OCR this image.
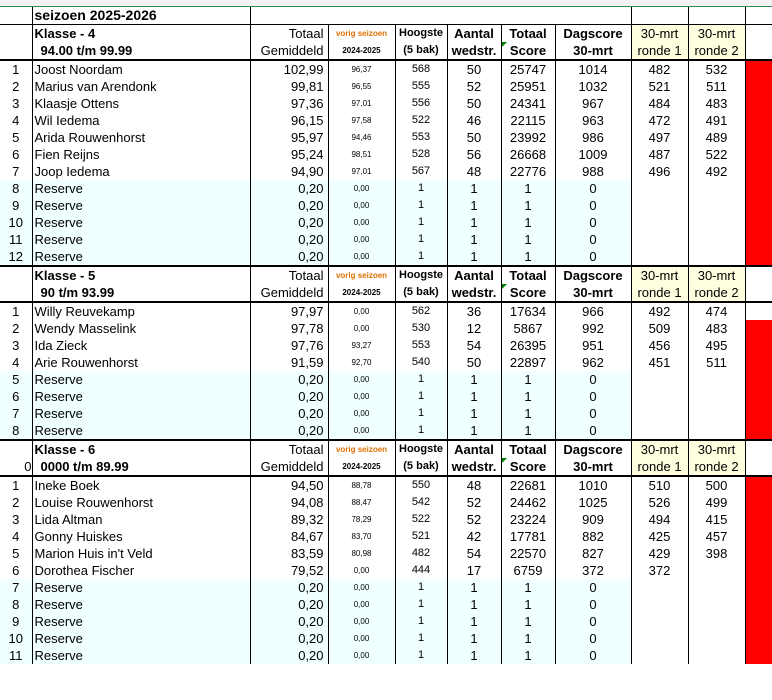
	seizoen 2025-2026									
	Klasse - 4	Totaal	vorig seizoen	Hoogste	Aantal	Totaal	Dagscore	30-mrt	30-mrt	
	94.00 t/m 99.99	Gemiddeld	2024-2025	(5 bak)	wedstr.	Score	30-mrt	ronde 1	ronde 2	
1	Joost Noordam	102,99	96,37	568	50	25747	1014	482	532	
2	Marius van Arendonk	99,81	96,55	555	52	25951	1032	521	511	
3	Klaasje Ottens	97,36	97,01	556	50	24341	967	484	483	
4	Wil Iedema	96,15	97,58	522	46	22115	963	472	491	
5	Arida Rouwenhorst	95,97	94,46	553	50	23992	986	497	489	
6	Fien Reijns	95,24	98,51	528	56	26668	1009	487	522	
7	Joop Iedema	94,90	97,01	567	48	22776	988	496	492	
8	Reserve	0,20	0,00	1	1	1	0			
9	Reserve	0,20	0,00	1	1	1	0			
10	Reserve	0,20	0,00	1	1	1	0			
11	Reserve	0,20	0,00	1	1	1	0			
12	Reserve	0,20	0,00	1	1	1	0			
	Klasse - 5	Totaal	vorig seizoen	Hoogste	Aantal	Totaal	Dagscore	30-mrt	30-mrt	
	90 t/m 93.99	Gemiddeld	2024-2025	(5 bak)	wedstr.	Score	30-mrt	ronde 1	ronde 2	
1	Willy Reuvekamp	97,97	0,00	562	36	17634	966	492	474	
2	Wendy Masselink	97,78	0,00	530	12	5867	992	509	483	
3	Ida Zieck	97,76	93,27	553	54	26395	951	456	495	
4	Arie Rouwenhorst	91,59	92,70	540	50	22897	962	451	511	
5	Reserve	0,20	0,00	1	1	1	0			
6	Reserve	0,20	0,00	1	1	1	0			
7	Reserve	0,20	0,00	1	1	1	0			
8	Reserve	0,20	0,00	1	1	1	0			
	Klasse - 6	Totaal	vorig seizoen	Hoogste	Aantal	Totaal	Dagscore	30-mrt	30-mrt	
0	0000 t/m 89.99	Gemiddeld	2024-2025	(5 bak)	wedstr.	Score	30-mrt	ronde 1	ronde 2	
1	Ineke Boek	94,50	88,78	550	48	22681	1010	510	500	
2	Louise Rouwenhorst	94,08	88,47	542	52	24462	1025	526	499	
3	Lida Altman	89,32	78,29	522	52	23224	909	494	415	
4	Gonny Huiskes	84,67	83,70	521	42	17781	882	425	457	
5	Marion Huis in't Veld	83,59	80,98	482	54	22570	827	429	398	
6	Dorothea Fischer	79,52	0,00	444	17	6759	372	372		
7	Reserve	0,20	0,00	1	1	1	0			
8	Reserve	0,20	0,00	1	1	1	0			
9	Reserve	0,20	0,00	1	1	1	0			
10	Reserve	0,20	0,00	1	1	1	0			
11	Reserve	0,20	0,00	1	1	1	0			
